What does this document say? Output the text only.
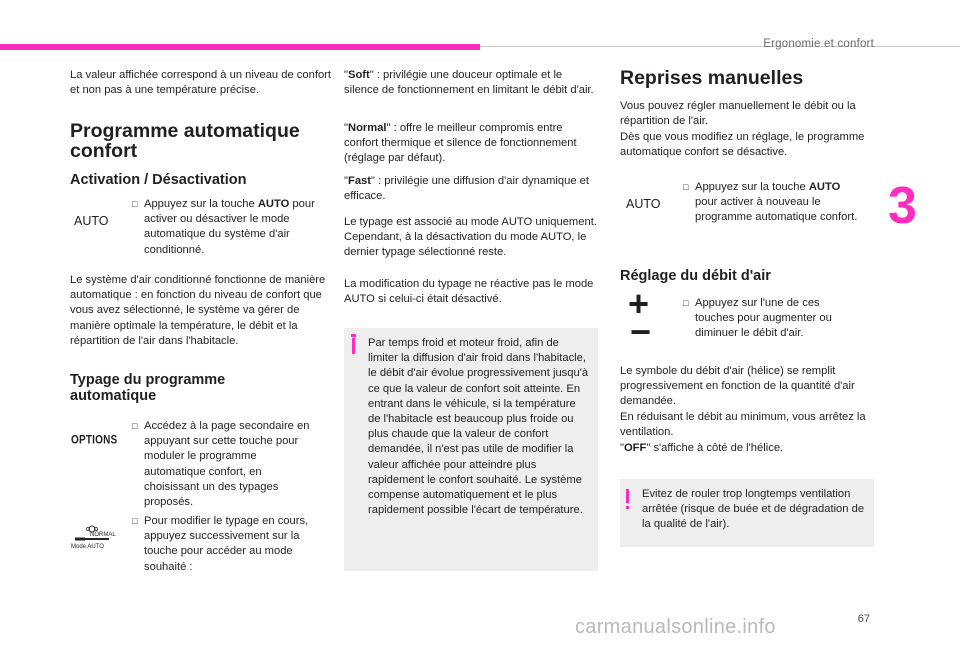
Ergonomie et confort
3

La valeur affichée correspond à un niveau de confort et non pas à une température précise.

Programme automatique
confort
Activation / Désactivation
AUTO
□ Appuyez sur la touche AUTO pour activer ou désactiver le mode automatique du système d'air conditionné.

Le système d'air conditionné fonctionne de manière automatique : en fonction du niveau de confort que vous avez sélectionné, le système va gérer de manière optimale la température, le débit et la répartition de l'air dans l'habitacle.

Typage du programme
automatique
OPTIONS
□ Accédez à la page secondaire en appuyant sur cette touche pour moduler le programme automatique confort, en choisissant un des typages proposés.
NORMAL
Mode AUTO
□ Pour modifier le typage en cours, appuyez successivement sur la touche pour accéder au mode souhaité :

"Soft" : privilégie une douceur optimale et le silence de fonctionnement en limitant le débit d'air.

"Normal" : offre le meilleur compromis entre confort thermique et silence de fonctionnement (réglage par défaut).

"Fast" : privilégie une diffusion d'air dynamique et efficace.

Le typage est associé au mode AUTO uniquement. Cependant, à la désactivation du mode AUTO, le dernier typage sélectionné reste.

La modification du typage ne réactive pas le mode AUTO si celui-ci était désactivé.

Par temps froid et moteur froid, afin de limiter la diffusion d'air froid dans l'habitacle, le débit d'air évolue progressivement jusqu'à ce que la valeur de confort soit atteinte. En entrant dans le véhicule, si la température de l'habitacle est beaucoup plus froide ou plus chaude que la valeur de confort demandée, il n'est pas utile de modifier la valeur affichée pour atteindre plus rapidement le confort souhaité. Le système compense automatiquement et le plus rapidement possible l'écart de température.

Reprises manuelles

Vous pouvez régler manuellement le débit ou la répartition de l'air.

Dès que vous modifiez un réglage, le programme automatique confort se désactive.

AUTO
□ Appuyez sur la touche AUTO pour activer à nouveau le programme automatique confort.
Réglage du débit d'air
+
−
□ Appuyez sur l'une de ces touches pour augmenter ou diminuer le débit d'air.

Le symbole du débit d'air (hélice) se remplit progressivement en fonction de la quantité d'air demandée.

En réduisant le débit au minimum, vous arrêtez la ventilation.

"OFF" s'affiche à côté de l'hélice.

Evitez de rouler trop longtemps ventilation arrêtée (risque de buée et de dégradation de la qualité de l'air).

67
carmanualsonline.info
